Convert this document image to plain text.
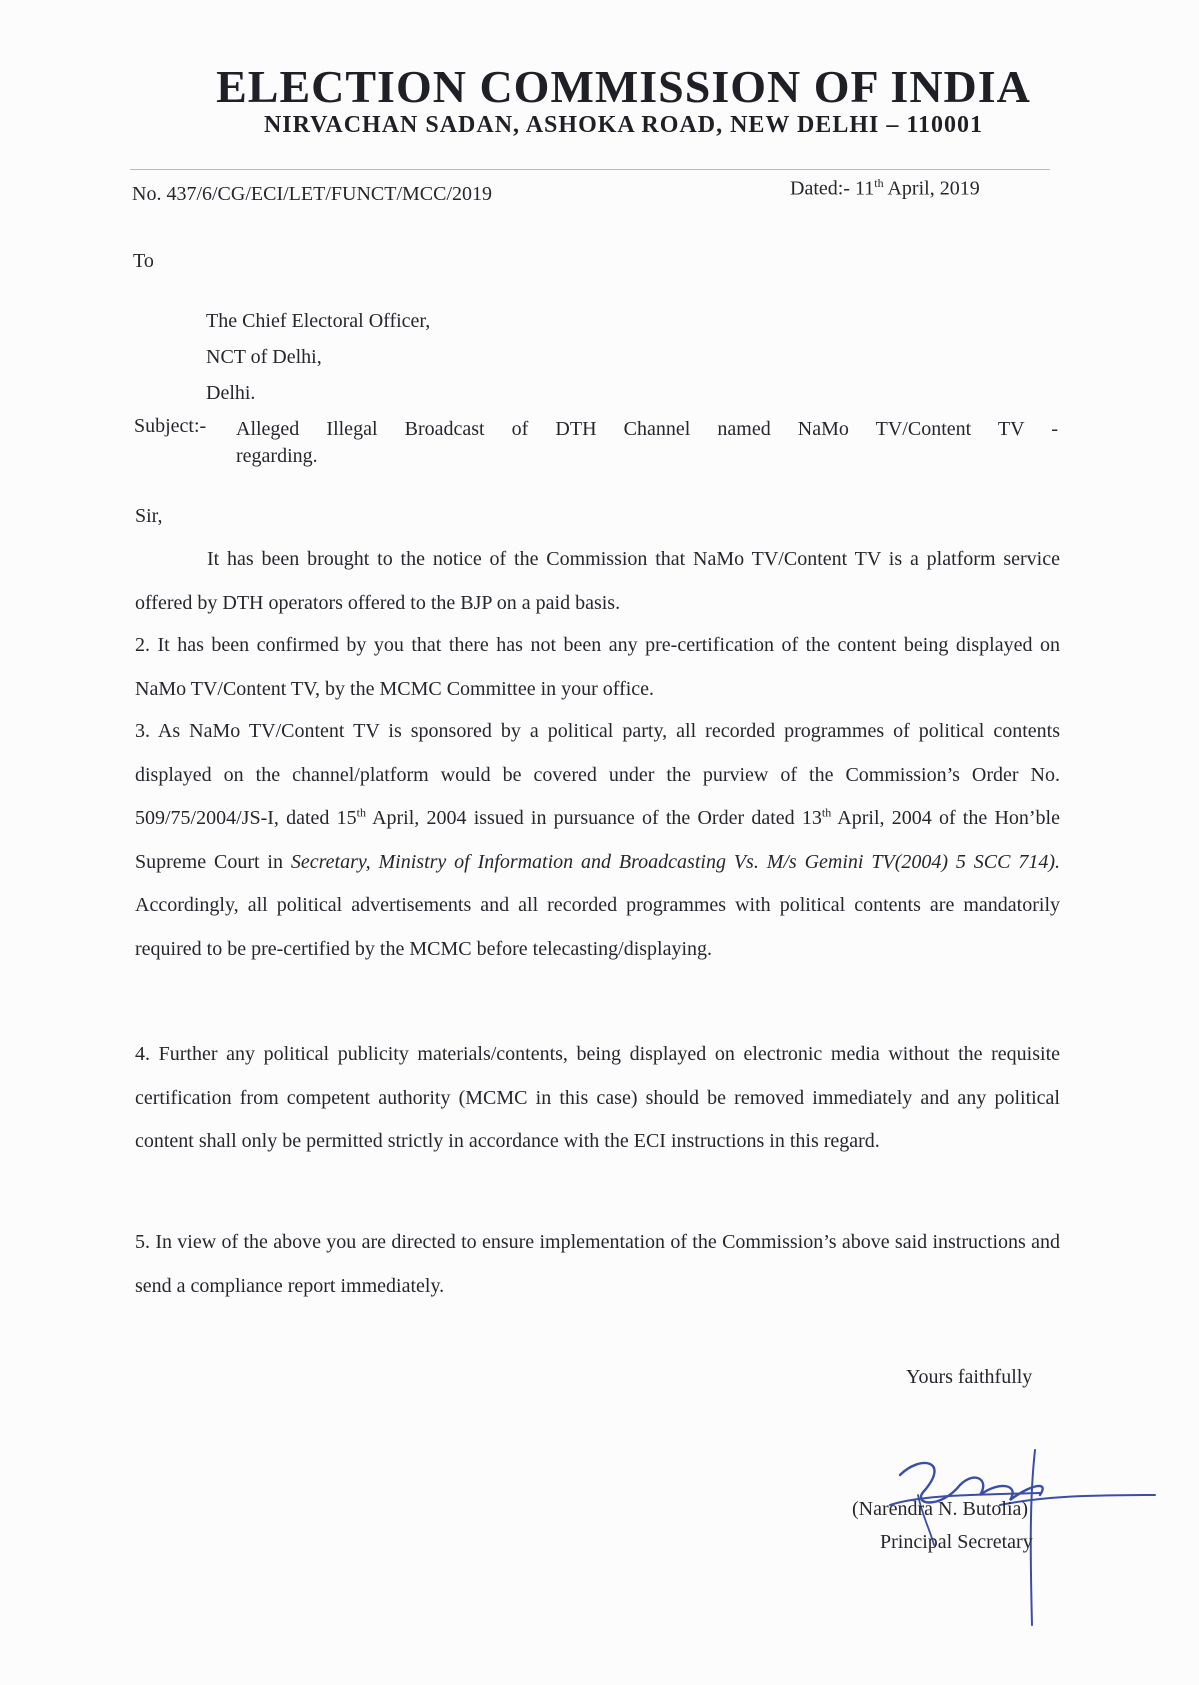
ELECTION COMMISSION OF INDIA
NIRVACHAN SADAN, ASHOKA ROAD, NEW DELHI – 110001
No. 437/6/CG/ECI/LET/FUNCT/MCC/2019	Dated:- 11th April, 2019
To
The Chief Electoral Officer,
NCT of Delhi,
Delhi.
Subject:- Alleged Illegal Broadcast of DTH Channel named NaMo TV/Content TV -
regarding.
Sir,
It has been brought to the notice of the Commission that NaMo TV/Content TV is a platform service offered by DTH operators offered to the BJP on a paid basis.
2. It has been confirmed by you that there has not been any pre-certification of the content being displayed on NaMo TV/Content TV, by the MCMC Committee in your office.
3. As NaMo TV/Content TV is sponsored by a political party, all recorded programmes of political contents displayed on the channel/platform would be covered under the purview of the Commission’s Order No. 509/75/2004/JS-I, dated 15th April, 2004 issued in pursuance of the Order dated 13th April, 2004 of the Hon’ble Supreme Court in Secretary, Ministry of Information and Broadcasting Vs. M/s Gemini TV(2004) 5 SCC 714). Accordingly, all political advertisements and all recorded programmes with political contents are mandatorily required to be pre-certified by the MCMC before telecasting/displaying.
4. Further any political publicity materials/contents, being displayed on electronic media without the requisite certification from competent authority (MCMC in this case) should be removed immediately and any political content shall only be permitted strictly in accordance with the ECI instructions in this regard.
5. In view of the above you are directed to ensure implementation of the Commission’s above said instructions and send a compliance report immediately.
Yours faithfully
(Narendra N. Butolia)
Principal Secretary
